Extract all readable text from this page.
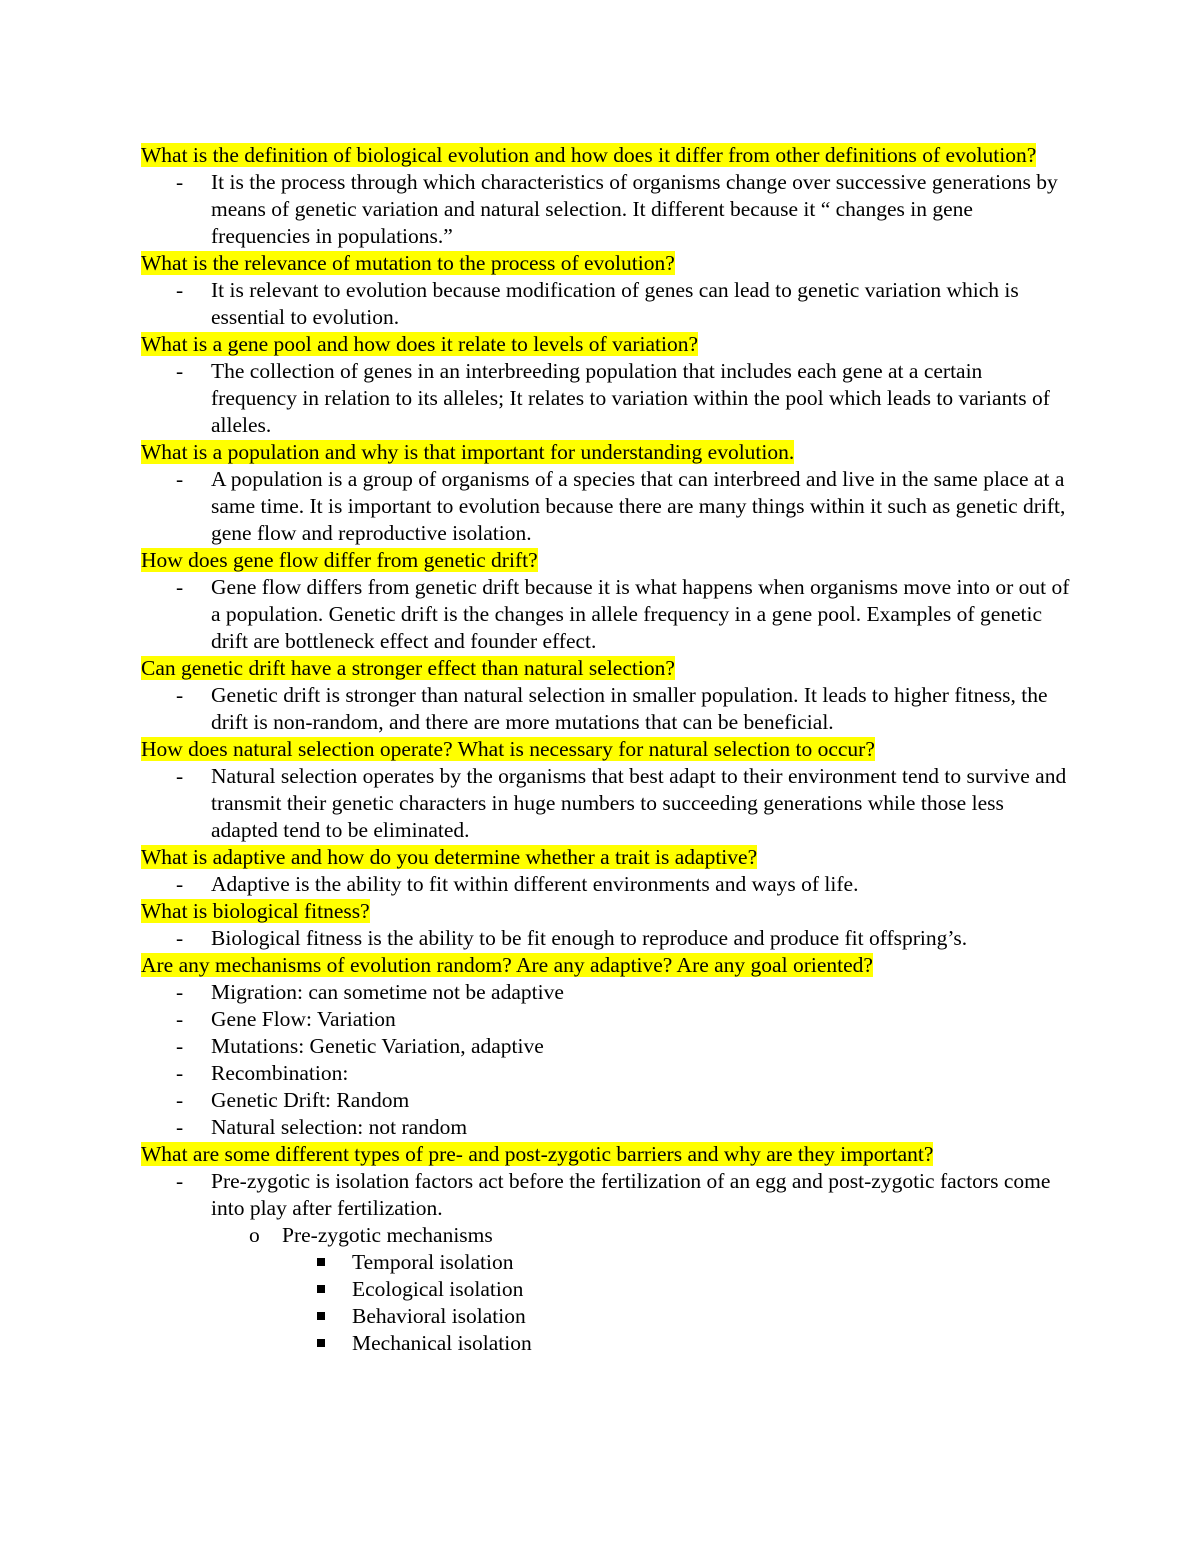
What is the definition of biological evolution and how does it differ from other definitions of evolution?

- It is the process through which characteristics of organisms change over successive generations by means of genetic variation and natural selection. It different because it “ changes in gene frequencies in populations.”

What is the relevance of mutation to the process of evolution?

- It is relevant to evolution because modification of genes can lead to genetic variation which is essential to evolution.

What is a gene pool and how does it relate to levels of variation?

- The collection of genes in an interbreeding population that includes each gene at a certain frequency in relation to its alleles; It relates to variation within the pool which leads to variants of alleles.

What is a population and why is that important for understanding evolution.

- A population is a group of organisms of a species that can interbreed and live in the same place at a same time. It is important to evolution because there are many things within it such as genetic drift, gene flow and reproductive isolation.

How does gene flow differ from genetic drift?

- Gene flow differs from genetic drift because it is what happens when organisms move into or out of a population. Genetic drift is the changes in allele frequency in a gene pool. Examples of genetic drift are bottleneck effect and founder effect.

Can genetic drift have a stronger effect than natural selection?

- Genetic drift is stronger than natural selection in smaller population. It leads to higher fitness, the drift is non-random, and there are more mutations that can be beneficial.

How does natural selection operate? What is necessary for natural selection to occur?

- Natural selection operates by the organisms that best adapt to their environment tend to survive and transmit their genetic characters in huge numbers to succeeding generations while those less adapted tend to be eliminated.

What is adaptive and how do you determine whether a trait is adaptive?

- Adaptive is the ability to fit within different environments and ways of life.

What is biological fitness?

- Biological fitness is the ability to be fit enough to reproduce and produce fit offspring’s.

Are any mechanisms of evolution random? Are any adaptive? Are any goal oriented?

- Migration: can sometime not be adaptive
- Gene Flow: Variation
- Mutations: Genetic Variation, adaptive
- Recombination:
- Genetic Drift: Random
- Natural selection: not random

What are some different types of pre- and post-zygotic barriers and why are they important?

- Pre-zygotic is isolation factors act before the fertilization of an egg and post-zygotic factors come into play after fertilization.
o Pre-zygotic mechanisms
Temporal isolation
Ecological isolation
Behavioral isolation
Mechanical isolation
